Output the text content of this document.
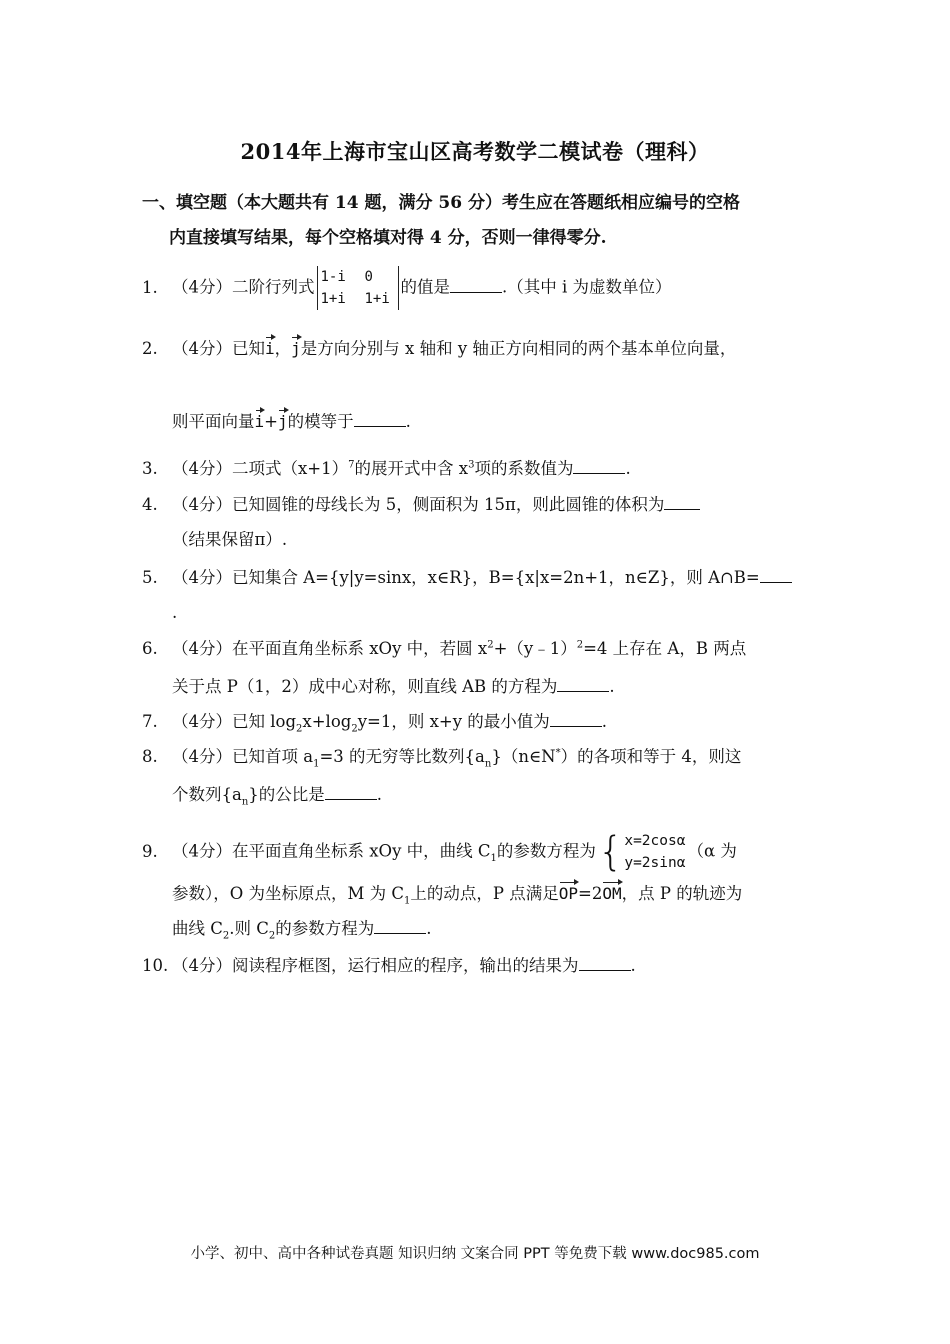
2014年上海市宝山区高考数学二模试卷（理科）
一、填空题（本大题共有 14 题，满分 56 分）考生应在答题纸相应编号的空格
内直接填写结果，每个空格填对得 4 分，否则一律得零分.
1. （4分）二阶行列式
1-i	0
1+i	1+i
的值是	.（其中 i 为虚数单位）
2. （4分）已知i，j是方向分别与 x 轴和 y 轴正方向相同的两个基本单位向量，
则平面向量i+j的模等于	.
3. （4分）二项式$(x+1)^7$的展开式中含 $x^3$项的系数值为	.
4. （4分）已知圆锥的母线长为 5，侧面积为 15π，则此圆锥的体积为
（结果保留π）.
5. （4分）已知集合 A={y|y=sinx，x∈R}，B={x|x=2n+1，n∈Z}，则 A∩B=
.
6. （4分）在平面直角坐标系 xOy 中，若圆 $x^2+(y﹣1)^2=4$ 上存在 A，B 两点
关于点 P（1，2）成中心对称，则直线 AB 的方程为	.
7. （4分）已知 $\log_2x+\log_2y=1$，则 x+y 的最小值为	.
8. （4分）已知首项 $a_1=3$ 的无穷等比数列$\{a_n\}(n\in N^*)$的各项和等于 4，则这
个数列$\{a_n\}$的公比是	.
9. （4分）在平面直角坐标系 xOy 中，曲线 $C_1$的参数方程为 { x=2cosα
y=2sinα
（α 为
参数），O 为坐标原点，M 为 $C_1$上的动点，P 点满足OP=2OM，点 P 的轨迹为
曲线 $C_2$.则 $C_2$的参数方程为	.
10. （4分）阅读程序框图，运行相应的程序，输出的结果为	.
小学、初中、高中各种试卷真题 知识归纳 文案合同 PPT 等免费下载 www.doc985.com
